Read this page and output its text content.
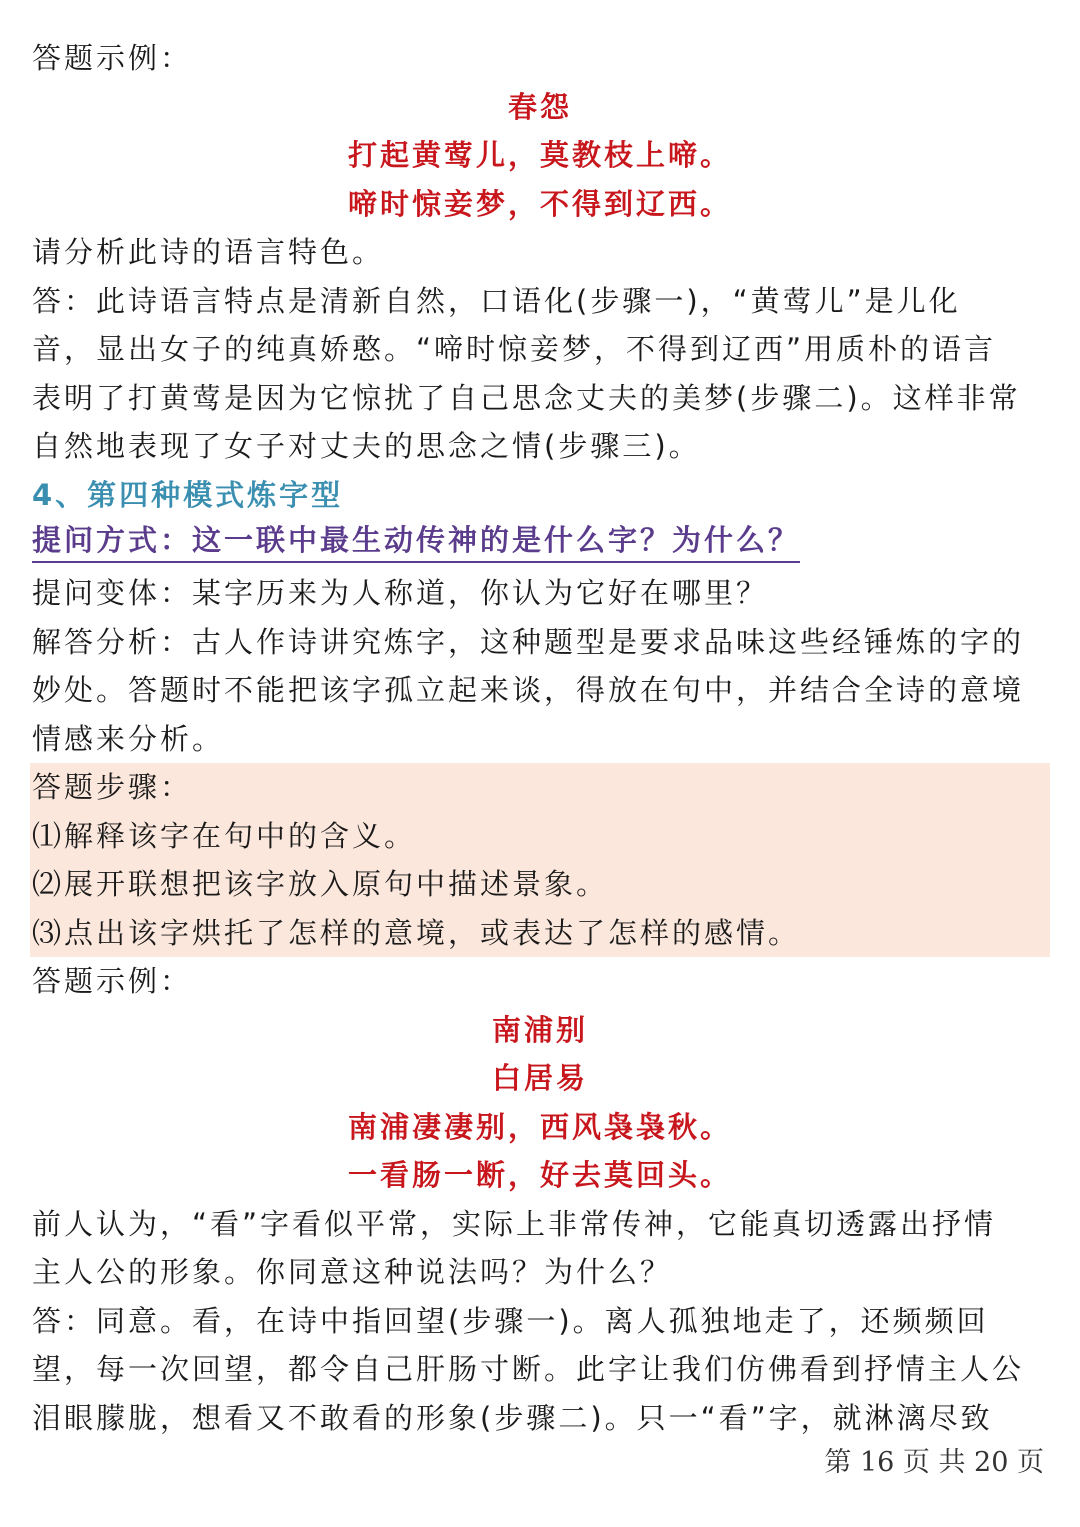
答题示例：

春怨

打起黄莺儿，莫教枝上啼。

啼时惊妾梦，不得到辽西。

请分析此诗的语言特色。

答：此诗语言特点是清新自然，口语化(步骤一)，“黄莺儿”是儿化

音，显出女子的纯真娇憨。“啼时惊妾梦，不得到辽西”用质朴的语言

表明了打黄莺是因为它惊扰了自己思念丈夫的美梦(步骤二)。这样非常

自然地表现了女子对丈夫的思念之情(步骤三)。

4、第四种模式炼字型

提问方式：这一联中最生动传神的是什么字？为什么？

提问变体：某字历来为人称道，你认为它好在哪里？

解答分析：古人作诗讲究炼字，这种题型是要求品味这些经锤炼的字的

妙处。答题时不能把该字孤立起来谈，得放在句中，并结合全诗的意境

情感来分析。

答题步骤：

⑴解释该字在句中的含义。

⑵展开联想把该字放入原句中描述景象。

⑶点出该字烘托了怎样的意境，或表达了怎样的感情。

答题示例：

南浦别

白居易

南浦凄凄别，西风袅袅秋。

一看肠一断，好去莫回头。

前人认为，“看”字看似平常，实际上非常传神，它能真切透露出抒情

主人公的形象。你同意这种说法吗？为什么？

答：同意。看，在诗中指回望(步骤一)。离人孤独地走了，还频频回

望，每一次回望，都令自己肝肠寸断。此字让我们仿佛看到抒情主人公

泪眼朦胧，想看又不敢看的形象(步骤二)。只一“看”字，就淋漓尽致

第 16 页 共 20 页
